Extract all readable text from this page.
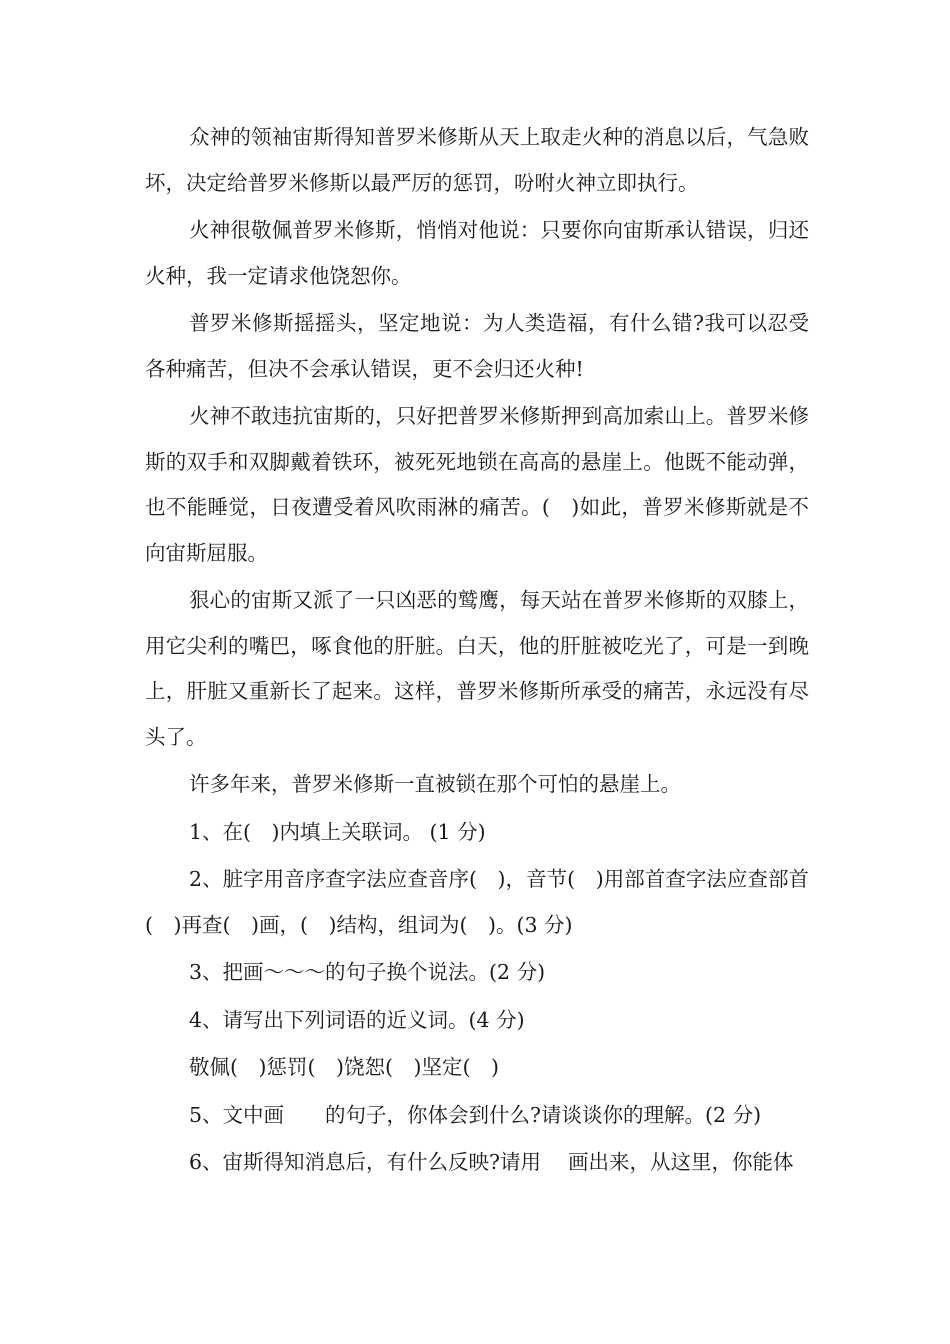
众神的领袖宙斯得知普罗米修斯从天上取走火种的消息以后，气急败坏，决定给普罗米修斯以最严厉的惩罚，吩咐火神立即执行。

火神很敬佩普罗米修斯，悄悄对他说：只要你向宙斯承认错误，归还火种，我一定请求他饶恕你。

普罗米修斯摇摇头，坚定地说：为人类造福，有什么错?我可以忍受各种痛苦，但决不会承认错误，更不会归还火种!

火神不敢违抗宙斯的，只好把普罗米修斯押到高加索山上。普罗米修斯的双手和双脚戴着铁环，被死死地锁在高高的悬崖上。他既不能动弹，也不能睡觉，日夜遭受着风吹雨淋的痛苦。(　)如此，普罗米修斯就是不向宙斯屈服。

狠心的宙斯又派了一只凶恶的鹫鹰，每天站在普罗米修斯的双膝上，用它尖利的嘴巴，啄食他的肝脏。白天，他的肝脏被吃光了，可是一到晚上，肝脏又重新长了起来。这样，普罗米修斯所承受的痛苦，永远没有尽头了。

许多年来，普罗米修斯一直被锁在那个可怕的悬崖上。

1、在(　)内填上关联词。 (1 分)

2、脏字用音序查字法应查音序(　)，音节(　)用部首查字法应查部首(　)再查(　)画，(　)结构，组词为(　)。(3 分)

3、把画～～～的句子换个说法。(2 分)

4、请写出下列词语的近义词。(4 分)

敬佩(　)惩罚(　)饶恕(　)坚定(　)

5、文中画　　的句子，你体会到什么?请谈谈你的理解。(2 分)

6、宙斯得知消息后，有什么反映?请用　 画出来，从这里，你能体
